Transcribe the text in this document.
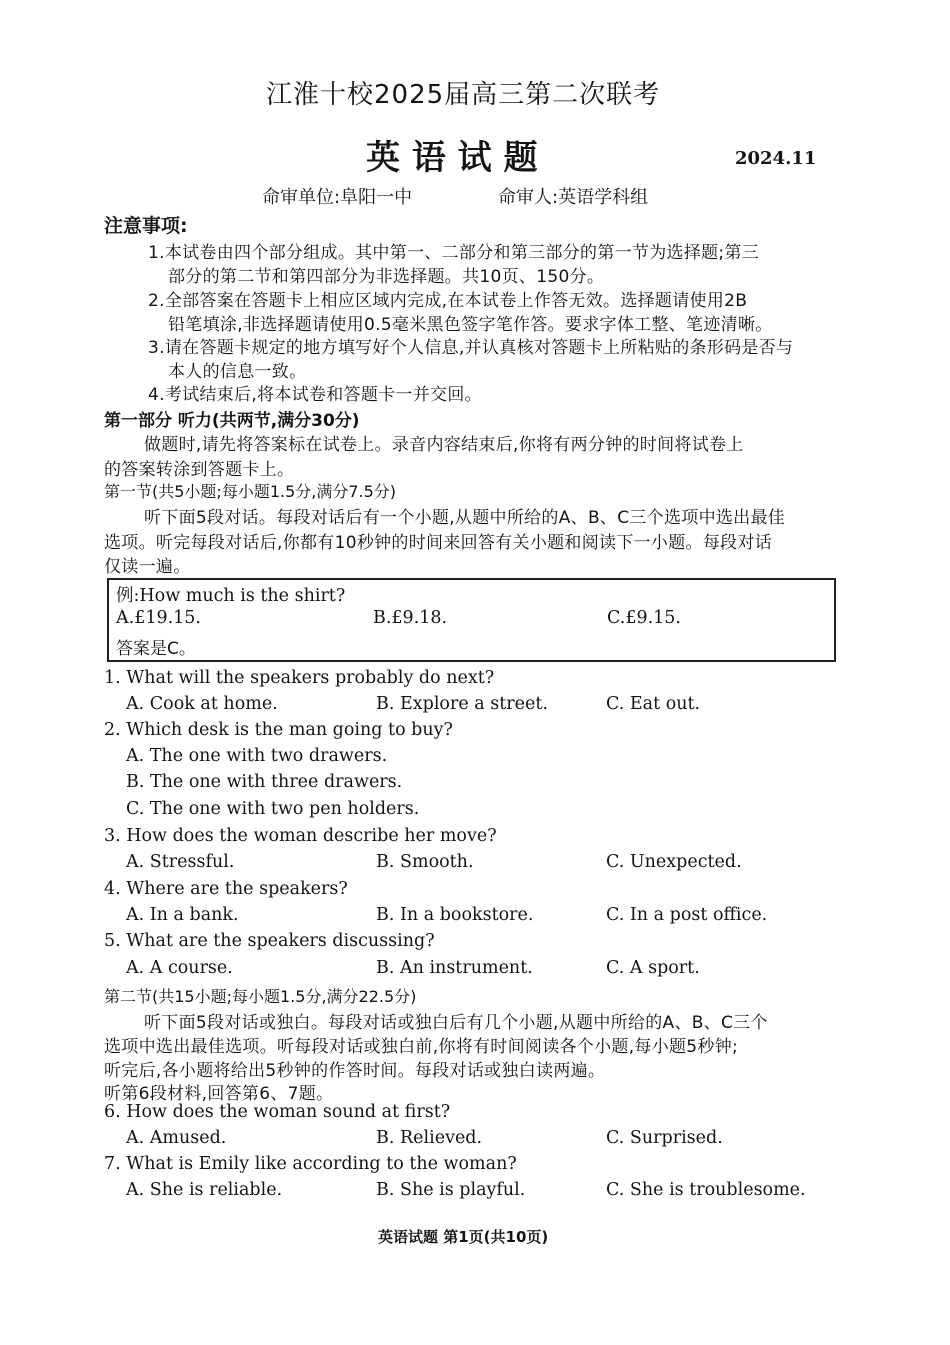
江淮十校2025届高三第二次联考
英 语 试 题	2024.11
命审单位:阜阳一中	命审人:英语学科组
注意事项:
1.本试卷由四个部分组成。其中第一、二部分和第三部分的第一节为选择题;第三
部分的第二节和第四部分为非选择题。共10页、150分。
2.全部答案在答题卡上相应区域内完成,在本试卷上作答无效。选择题请使用2B
铅笔填涂,非选择题请使用0.5毫米黑色签字笔作答。要求字体工整、笔迹清晰。
3.请在答题卡规定的地方填写好个人信息,并认真核对答题卡上所粘贴的条形码是否与
本人的信息一致。
4.考试结束后,将本试卷和答题卡一并交回。
第一部分 听力(共两节,满分30分)
做题时,请先将答案标在试卷上。录音内容结束后,你将有两分钟的时间将试卷上
的答案转涂到答题卡上。
第一节(共5小题;每小题1.5分,满分7.5分)
听下面5段对话。每段对话后有一个小题,从题中所给的A、B、C三个选项中选出最佳
选项。听完每段对话后,你都有10秒钟的时间来回答有关小题和阅读下一小题。每段对话
仅读一遍。
例:How much is the shirt?
A.£19.15.	B.£9.18.	C.£9.15.
答案是C。
1. What will the speakers probably do next?
A. Cook at home.	B. Explore a street.	C. Eat out.
2. Which desk is the man going to buy?
A. The one with two drawers.
B. The one with three drawers.
C. The one with two pen holders.
3. How does the woman describe her move?
A. Stressful.	B. Smooth.	C. Unexpected.
4. Where are the speakers?
A. In a bank.	B. In a bookstore.	C. In a post office.
5. What are the speakers discussing?
A. A course.	B. An instrument.	C. A sport.
第二节(共15小题;每小题1.5分,满分22.5分)
听下面5段对话或独白。每段对话或独白后有几个小题,从题中所给的A、B、C三个
选项中选出最佳选项。听每段对话或独白前,你将有时间阅读各个小题,每小题5秒钟;
听完后,各小题将给出5秒钟的作答时间。每段对话或独白读两遍。
听第6段材料,回答第6、7题。
6. How does the woman sound at first?
A. Amused.	B. Relieved.	C. Surprised.
7. What is Emily like according to the woman?
A. She is reliable.	B. She is playful.	C. She is troublesome.
英语试题 第1页(共10页)
